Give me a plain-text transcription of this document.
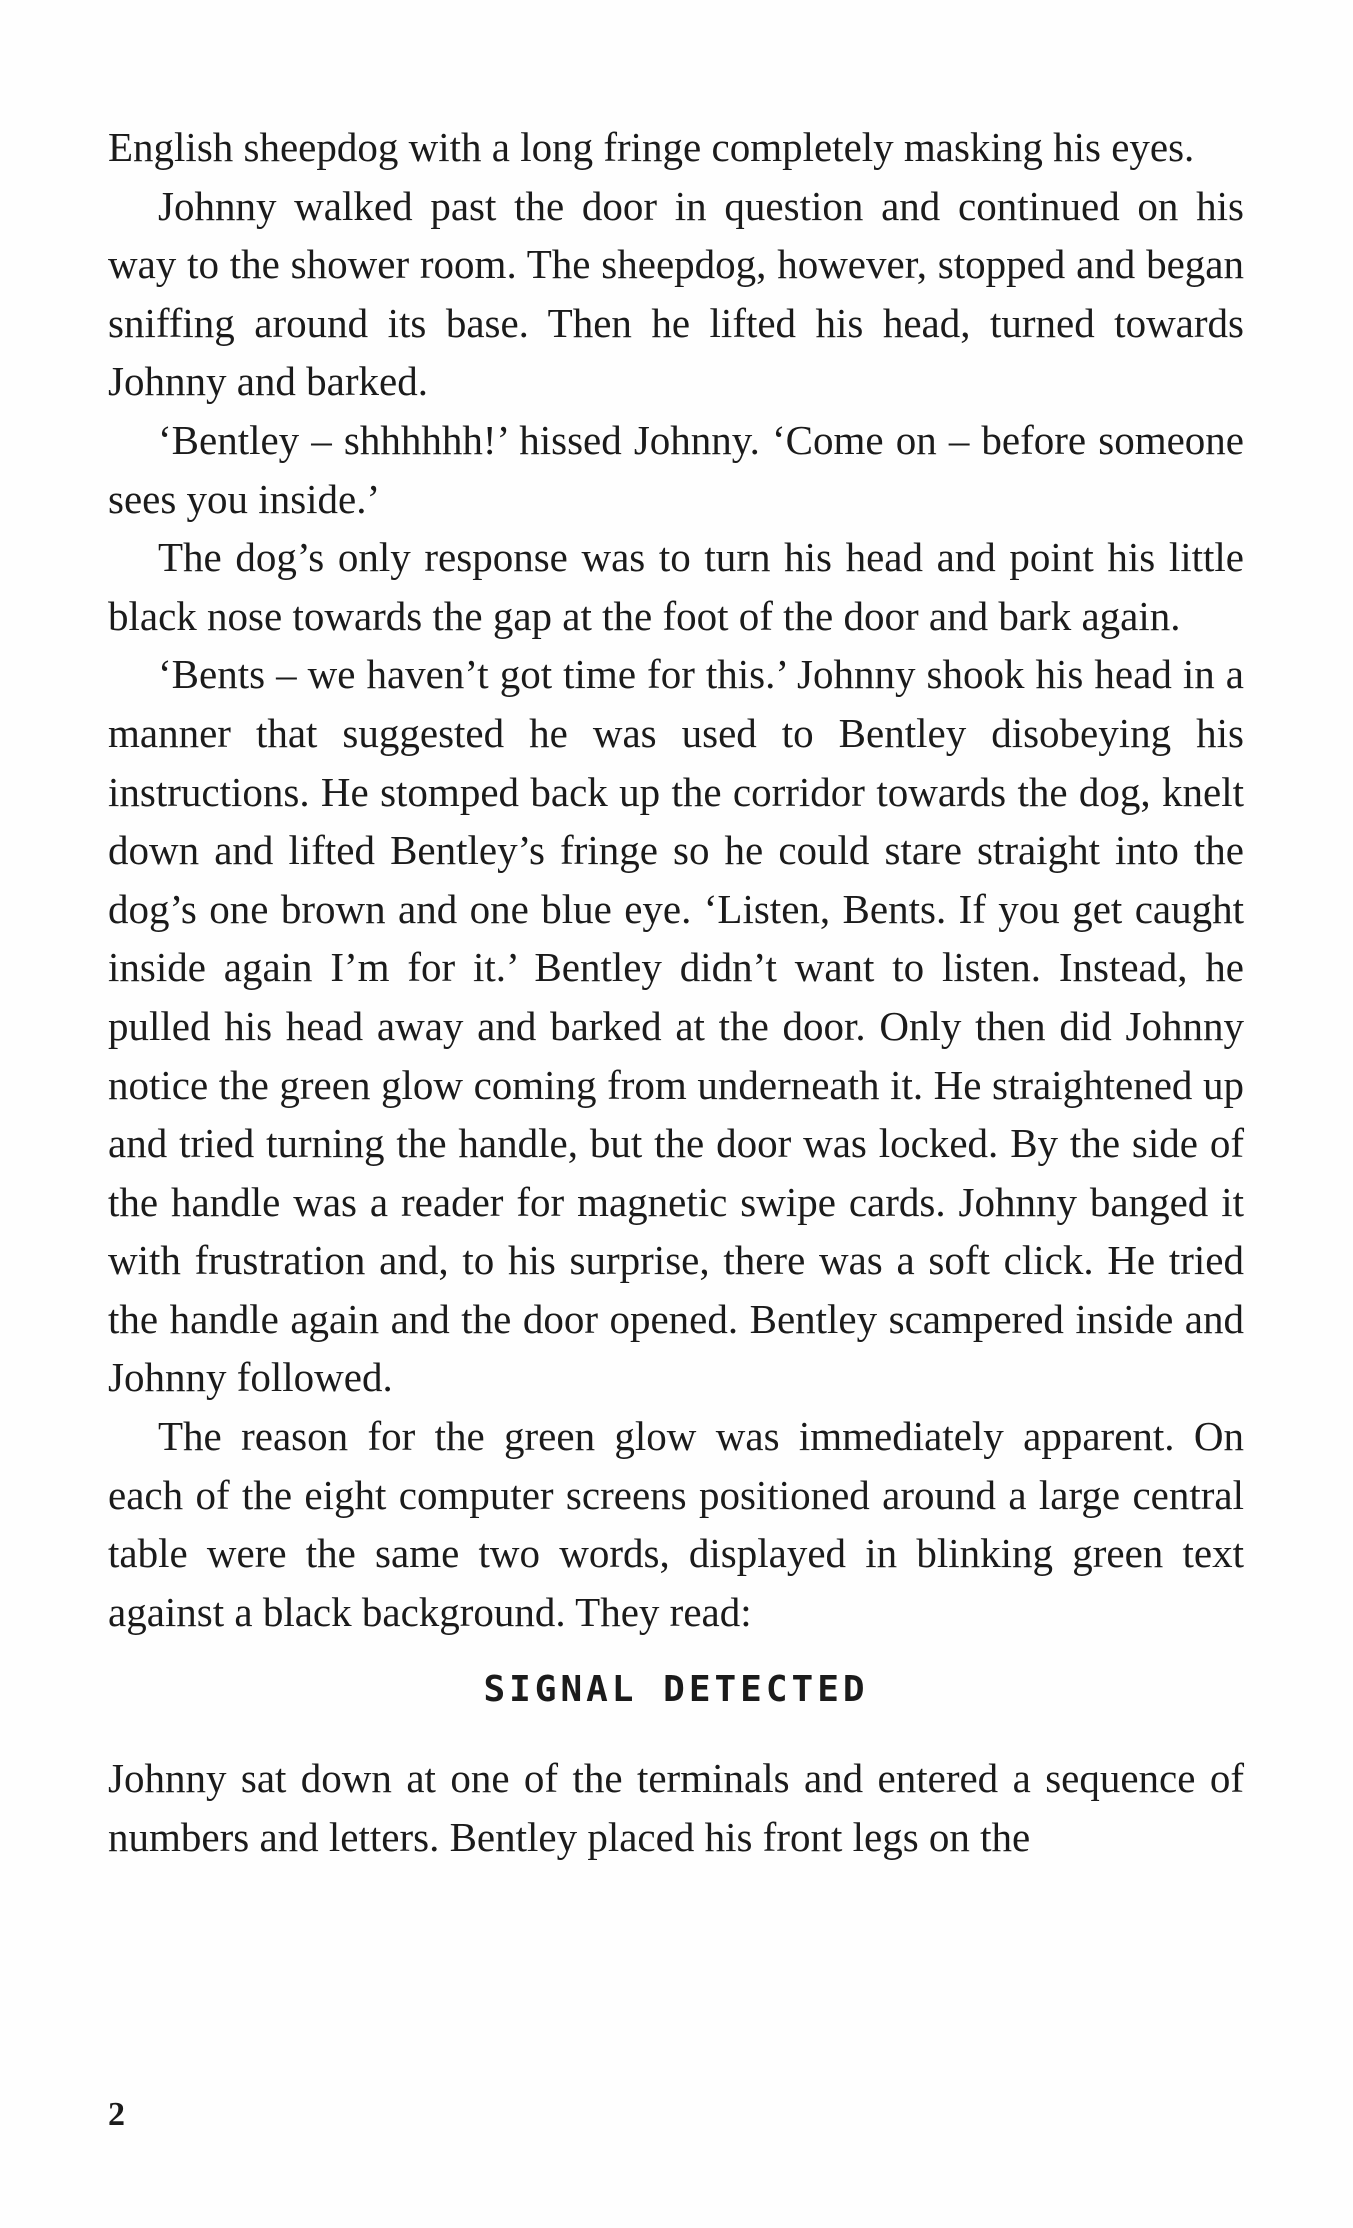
English sheepdog with a long fringe completely masking his eyes.

Johnny walked past the door in question and continued on his way to the shower room. The sheepdog, however, stopped and began sniffing around its base. Then he lifted his head, turned towards Johnny and barked.

‘Bentley – shhhhhh!’ hissed Johnny. ‘Come on – before someone sees you inside.’

The dog’s only response was to turn his head and point his little black nose towards the gap at the foot of the door and bark again.

‘Bents – we haven’t got time for this.’ Johnny shook his head in a manner that suggested he was used to Bentley disobeying his instructions. He stomped back up the corridor towards the dog, knelt down and lifted Bentley’s fringe so he could stare straight into the dog’s one brown and one blue eye. ‘Listen, Bents. If you get caught inside again I’m for it.’ Bentley didn’t want to listen. Instead, he pulled his head away and barked at the door. Only then did Johnny notice the green glow coming from underneath it. He straightened up and tried turning the handle, but the door was locked. By the side of the handle was a reader for magnetic swipe cards. Johnny banged it with frustration and, to his surprise, there was a soft click. He tried the handle again and the door opened. Bentley scampered inside and Johnny followed.

The reason for the green glow was immediately apparent. On each of the eight computer screens positioned around a large central table were the same two words, displayed in blinking green text against a black background. They read:

SIGNAL DETECTED

Johnny sat down at one of the terminals and entered a sequence of numbers and letters. Bentley placed his front legs on the

2
